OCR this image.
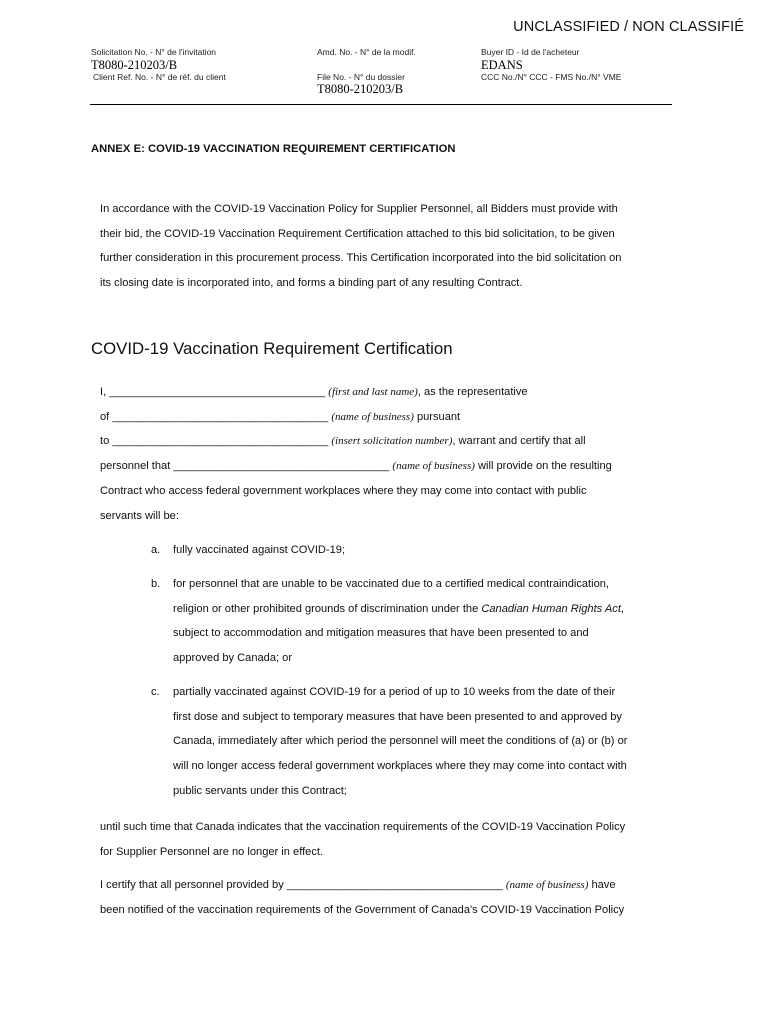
UNCLASSIFIED / NON CLASSIFIÉ
Solicitation No. - N° de l'invitation
T8080-210203/B
Client Ref. No. - N° de réf. du client
Amd. No. - N° de la modif.
File No. - N° du dossier
T8080-210203/B
Buyer ID - Id de l'acheteur
EDANS
CCC No./N° CCC - FMS No./N° VME
ANNEX E: COVID-19 VACCINATION REQUIREMENT CERTIFICATION
In accordance with the COVID-19 Vaccination Policy for Supplier Personnel, all Bidders must provide with
their bid, the COVID-19 Vaccination Requirement Certification attached to this bid solicitation, to be given
further consideration in this procurement process. This Certification incorporated into the bid solicitation on
its closing date is incorporated into, and forms a binding part of any resulting Contract.
COVID-19 Vaccination Requirement Certification
I, ___________________________________ (first and last name), as the representative
of ___________________________________ (name of business) pursuant
to ___________________________________ (insert solicitation number), warrant and certify that all
personnel that ___________________________________ (name of business) will provide on the resulting
Contract who access federal government workplaces where they may come into contact with public
servants will be:
a. fully vaccinated against COVID-19;
b. for personnel that are unable to be vaccinated due to a certified medical contraindication,
religion or other prohibited grounds of discrimination under the Canadian Human Rights Act,
subject to accommodation and mitigation measures that have been presented to and
approved by Canada; or
c. partially vaccinated against COVID-19 for a period of up to 10 weeks from the date of their
first dose and subject to temporary measures that have been presented to and approved by
Canada, immediately after which period the personnel will meet the conditions of (a) or (b) or
will no longer access federal government workplaces where they may come into contact with
public servants under this Contract;
until such time that Canada indicates that the vaccination requirements of the COVID-19 Vaccination Policy
for Supplier Personnel are no longer in effect.
I certify that all personnel provided by ___________________________________ (name of business) have
been notified of the vaccination requirements of the Government of Canada's COVID-19 Vaccination Policy
